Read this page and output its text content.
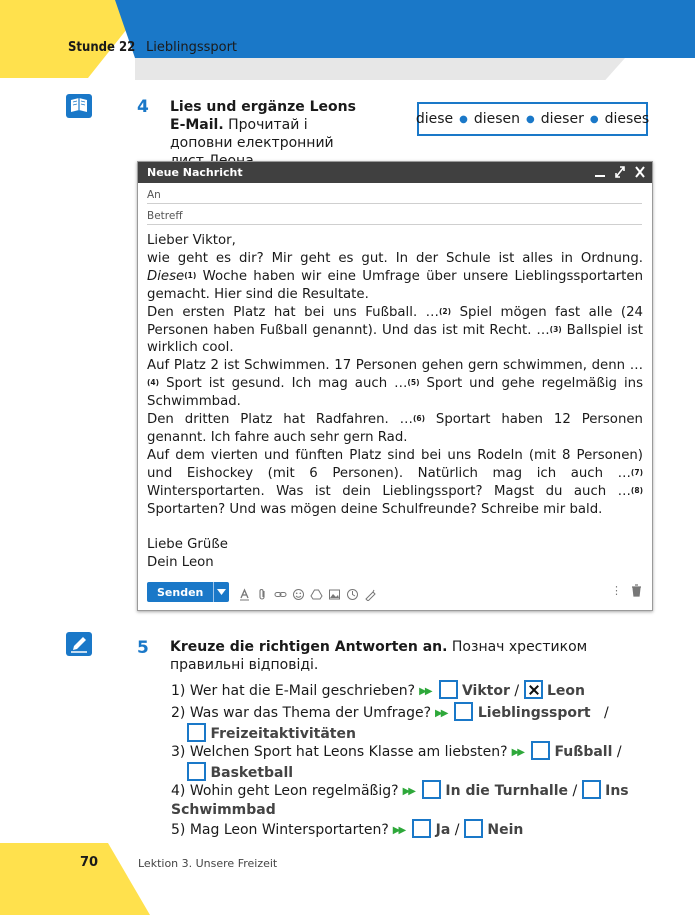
Stunde 22 Lieblingssport
4 Lies und ergänze Leons E-Mail. Прочитай і доповни електронний
diese ● diesen ● dieser ● dieses
Neue Nachricht
An
Betreff

Lieber Viktor,

wie geht es dir? Mir geht es gut. In der Schule ist alles in Ordnung. Diese$^{(1)}$ Woche haben wir eine Umfrage über unsere Lieblingssportarten gemacht. Hier sind die Resultate.

Den ersten Platz hat bei uns Fußball. …$^{(2)}$ Spiel mögen fast alle (24 Personen haben Fußball genannt). Und das ist mit Recht. …$^{(3)}$ Ballspiel ist wirklich cool.

Auf Platz 2 ist Schwimmen. 17 Personen gehen gern schwimmen, denn …$^{(4)}$ Sport ist gesund. Ich mag auch …$^{(5)}$ Sport und gehe regelmäßig ins Schwimmbad.

Den dritten Platz hat Radfahren. …$^{(6)}$ Sportart haben 12 Personen genannt. Ich fahre auch sehr gern Rad.

Auf dem vierten und fünften Platz sind bei uns Rodeln (mit 8 Personen) und Eishockey (mit 6 Personen). Natürlich mag ich auch …$^{(7)}$ Wintersportarten. Was ist dein Lieblingssport? Magst du auch …$^{(8)}$ Sportarten? Und was mögen deine Schulfreunde? Schreibe mir bald.

Liebe Grüße

Dein Leon

Senden	⋮
5 Kreuze die richtigen Antworten an. Познач хрестиком правильні відповіді.
1) Wer hat die E-Mail geschrieben? ▶▶ Viktor / Leon
2) Was war das Thema der Umfrage? ▶▶ Lieblingssport /
Freizeitaktivitäten
3) Welchen Sport hat Leons Klasse am liebsten? ▶▶ Fußball /
Basketball
4) Wohin geht Leon regelmäßig? ▶▶ In die Turnhalle / Ins Schwimmbad
5) Mag Leon Wintersportarten? ▶▶ Ja / Nein
70	Lektion 3. Unsere Freizeit
